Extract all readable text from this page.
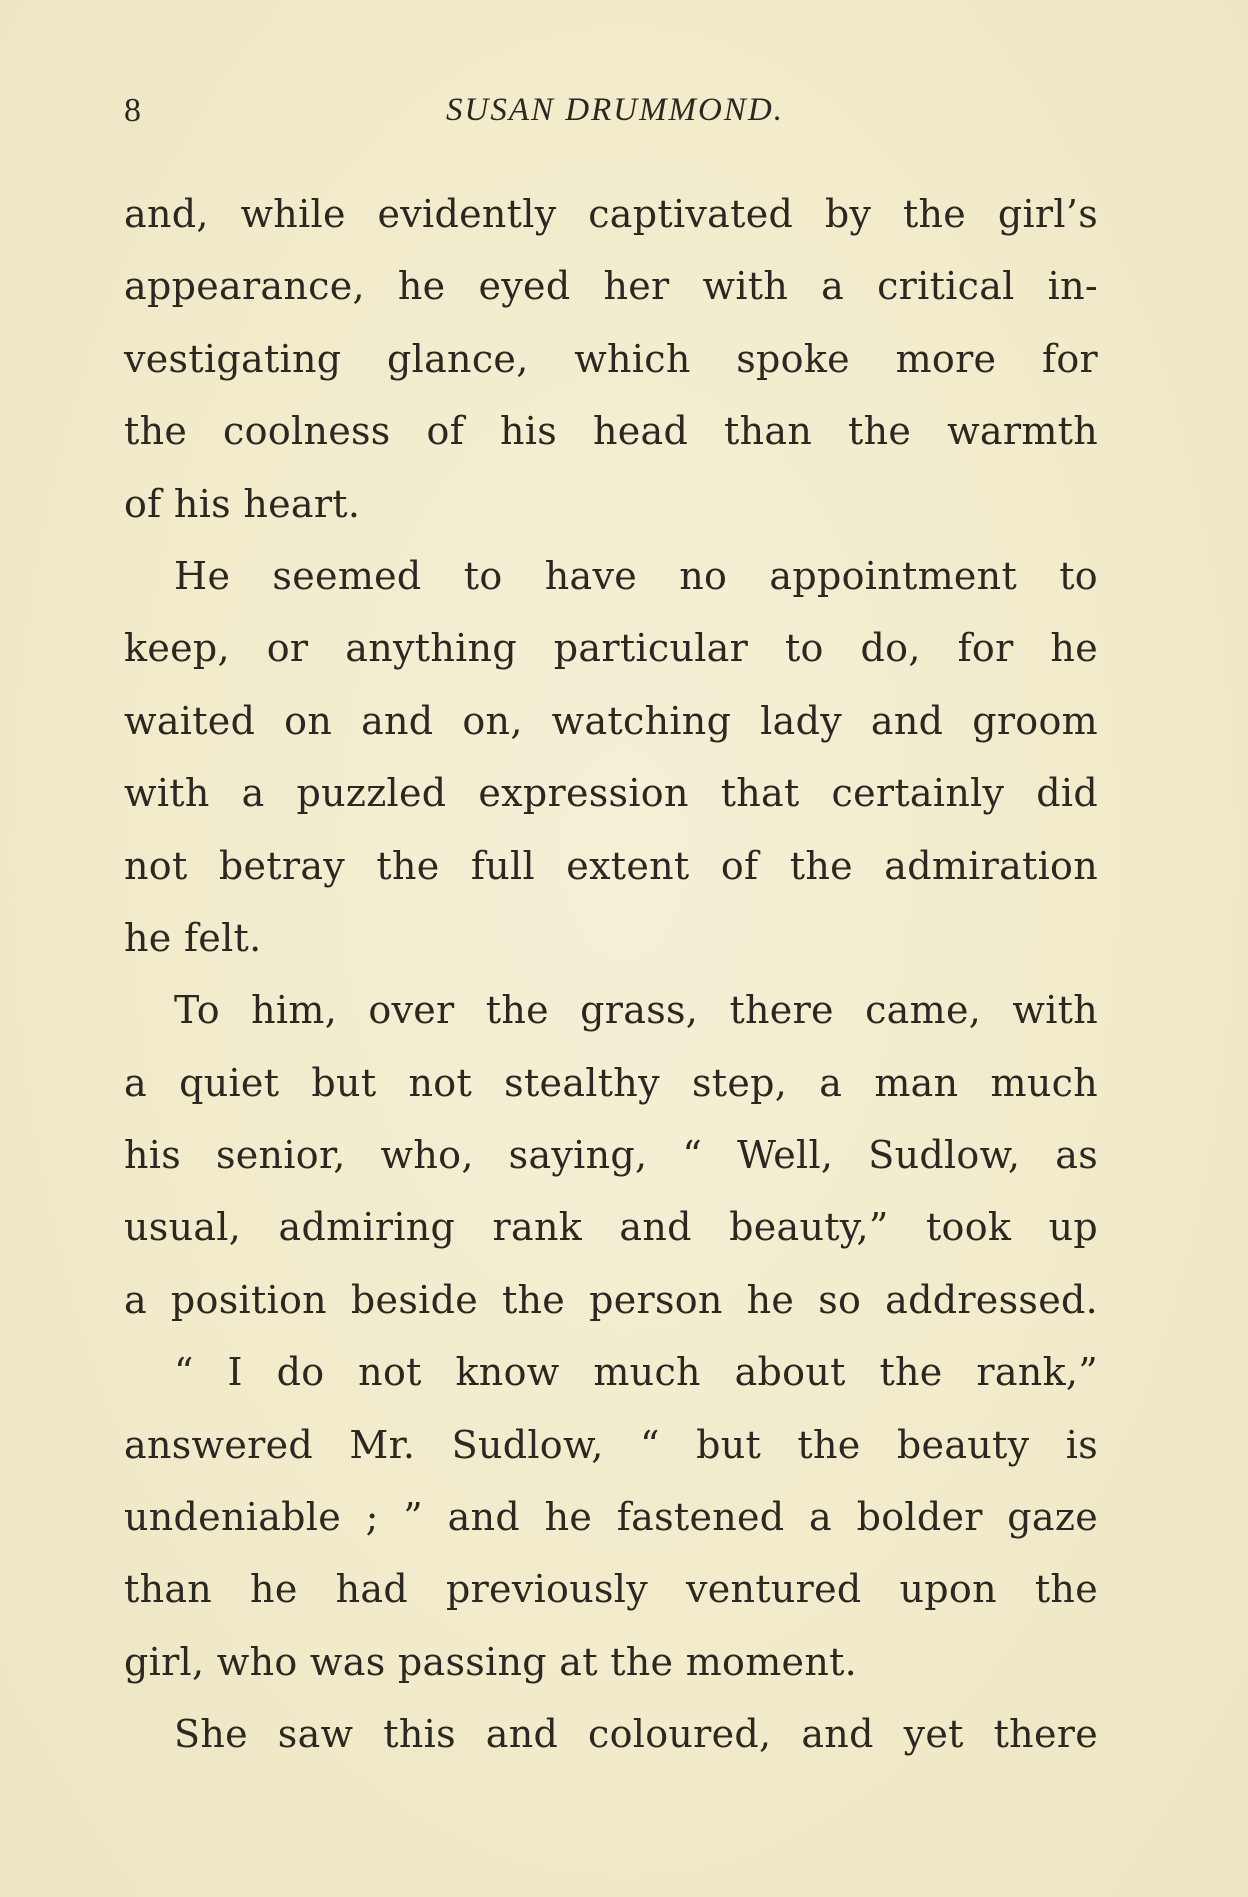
8	SUSAN DRUMMOND.
and, while evidently captivated by the girl’s
appearance, he eyed her with a critical in-
vestigating glance, which spoke more for
the coolness of his head than the warmth
of his heart.
He seemed to have no appointment to
keep, or anything particular to do, for he
waited on and on, watching lady and groom
with a puzzled expression that certainly did
not betray the full extent of the admiration
he felt.
To him, over the grass, there came, with
a quiet but not stealthy step, a man much
his senior, who, saying, “ Well, Sudlow, as
usual, admiring rank and beauty,” took up
a position beside the person he so addressed.
“ I do not know much about the rank,”
answered Mr. Sudlow, “ but the beauty is
undeniable ; ” and he fastened a bolder gaze
than he had previously ventured upon the
girl, who was passing at the moment.
She saw this and coloured, and yet there
